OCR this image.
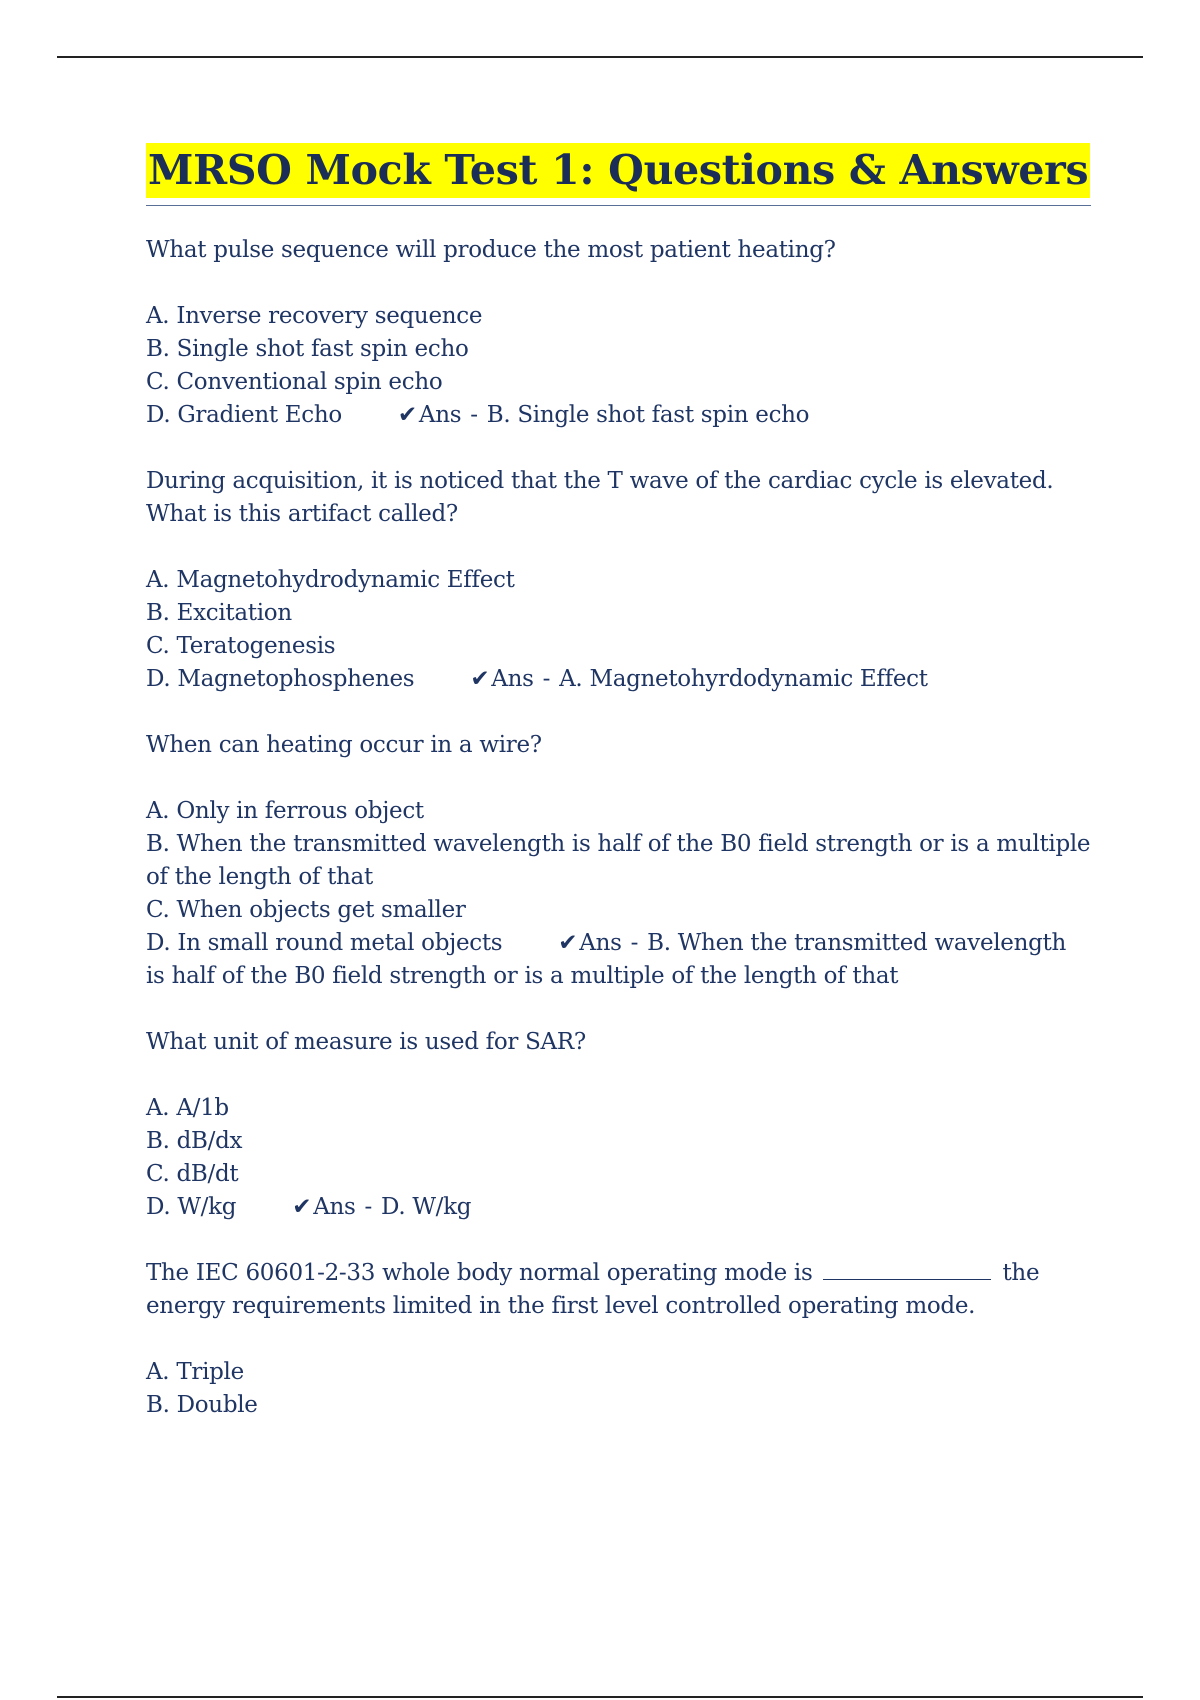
MRSO Mock Test 1: Questions & Answers

What pulse sequence will produce the most patient heating?

A. Inverse recovery sequence

B. Single shot fast spin echo

C. Conventional spin echo

D. Gradient Echo ✔Ans - B. Single shot fast spin echo

During acquisition, it is noticed that the T wave of the cardiac cycle is elevated. What is this artifact called?

A. Magnetohydrodynamic Effect

B. Excitation

C. Teratogenesis

D. Magnetophosphenes ✔Ans - A. Magnetohyrdodynamic Effect

When can heating occur in a wire?

A. Only in ferrous object

B. When the transmitted wavelength is half of the B0 field strength or is a multiple of the length of that

C. When objects get smaller

D. In small round metal objects ✔Ans - B. When the transmitted wavelength is half of the B0 field strength or is a multiple of the length of that

What unit of measure is used for SAR?

A. A/1b

B. dB/dx

C. dB/dt

D. W/kg ✔Ans - D. W/kg

The IEC 60601-2-33 whole body normal operating mode is	the energy requirements limited in the first level controlled operating mode.

A. Triple

B. Double
